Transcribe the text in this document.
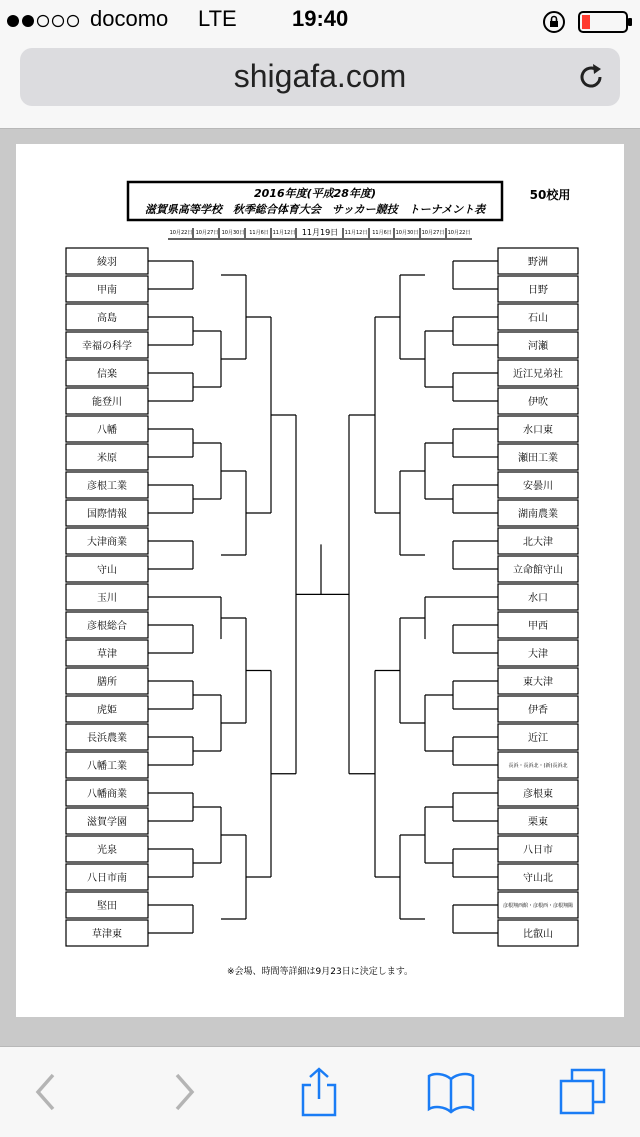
docomo LTE	19:40
shigafa.com
2016年度(平成28年度)
滋賀県高等学校　秋季総合体育大会　サッカー競技　トーナメント表
50校用
10月22日 10月27日 10月30日 11月6日 11月12日 11月19日 11月12日 11月6日 10月30日 10月27日 10月22日
綾羽
甲南
高島
幸福の科学
信楽
能登川
八幡
米原
彦根工業
国際情報
大津商業
守山
玉川
彦根総合
草津
膳所
虎姫
長浜農業
八幡工業
八幡商業
滋賀学園
光泉
八日市南
堅田
草津東
野洲
日野
石山
河瀬
近江兄弟社
伊吹
水口東
瀬田工業
安曇川
湖南農業
北大津
立命館守山
水口
甲西
大津
東大津
伊香
近江
長浜・長浜北・(新)長浜北
彦根東
栗東
八日市
守山北
彦根翔西館・彦根西・彦根翔陽
比叡山
※会場、時間等詳細は9月23日に決定します。
